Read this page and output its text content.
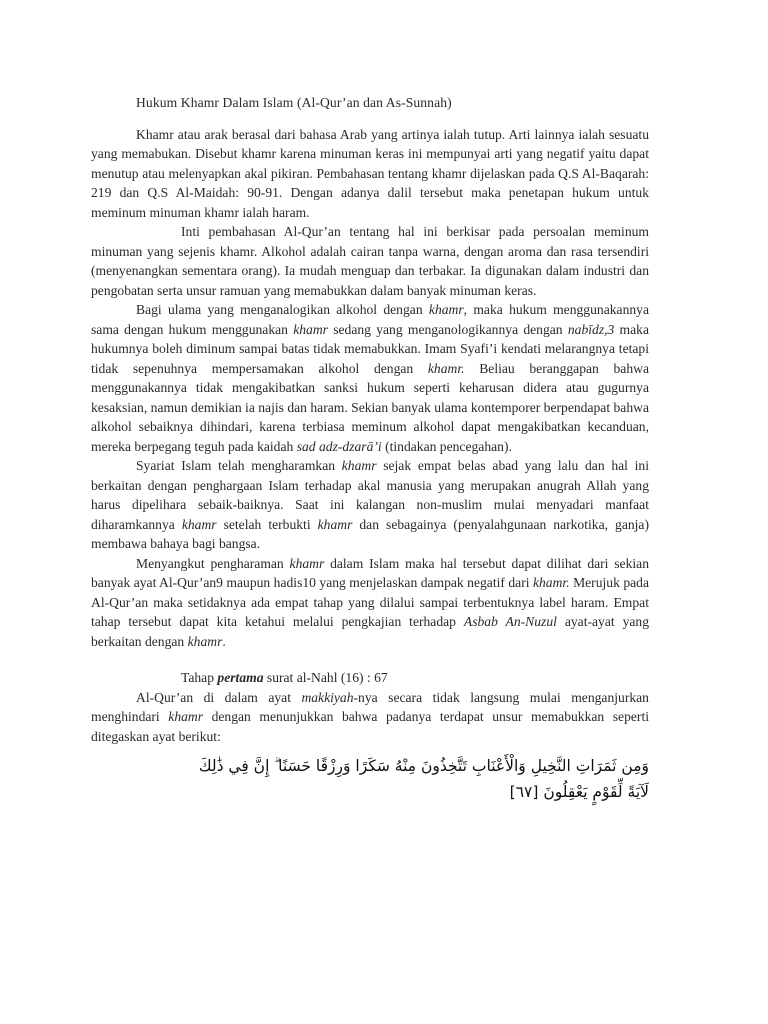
Hukum Khamr Dalam Islam (Al-Qur’an dan As-Sunnah)

Khamr atau arak berasal dari bahasa Arab yang artinya ialah tutup. Arti lainnya ialah sesuatu yang memabukan. Disebut khamr karena minuman keras ini mempunyai arti yang negatif yaitu dapat menutup atau melenyapkan akal pikiran. Pembahasan tentang khamr dijelaskan pada Q.S Al-Baqarah: 219 dan Q.S Al-Maidah: 90-91. Dengan adanya dalil tersebut maka penetapan hukum untuk meminum minuman khamr ialah haram.

Inti pembahasan Al-Qur’an tentang hal ini berkisar pada persoalan meminum minuman yang sejenis khamr. Alkohol adalah cairan tanpa warna, dengan aroma dan rasa tersendiri (menyenangkan sementara orang). Ia mudah menguap dan terbakar. Ia digunakan dalam industri dan pengobatan serta unsur ramuan yang memabukkan dalam banyak minuman keras.

Bagi ulama yang menganalogikan alkohol dengan khamr, maka hukum menggunakannya sama dengan hukum menggunakan khamr sedang yang menganologikannya dengan nabīdz,3 maka hukumnya boleh diminum sampai batas tidak memabukkan. Imam Syafi’i kendati melarangnya tetapi tidak sepenuhnya mempersamakan alkohol dengan khamr. Beliau beranggapan bahwa menggunakannya tidak mengakibatkan sanksi hukum seperti keharusan didera atau gugurnya kesaksian, namun demikian ia najis dan haram. Sekian banyak ulama kontemporer berpendapat bahwa alkohol sebaiknya dihindari, karena terbiasa meminum alkohol dapat mengakibatkan kecanduan, mereka berpegang teguh pada kaidah sad adz-dzarā’i (tindakan pencegahan).

Syariat Islam telah mengharamkan khamr sejak empat belas abad yang lalu dan hal ini berkaitan dengan penghargaan Islam terhadap akal manusia yang merupakan anugrah Allah yang harus dipelihara sebaik-baiknya. Saat ini kalangan non-muslim mulai menyadari manfaat diharamkannya khamr setelah terbukti khamr dan sebagainya (penyalahgunaan narkotika, ganja) membawa bahaya bagi bangsa.

Menyangkut pengharaman khamr dalam Islam maka hal tersebut dapat dilihat dari sekian banyak ayat Al-Qur’an9 maupun hadis10 yang menjelaskan dampak negatif dari khamr. Merujuk pada Al-Qur’an maka setidaknya ada empat tahap yang dilalui sampai terbentuknya label haram. Empat tahap tersebut dapat kita ketahui melalui pengkajian terhadap Asbab An-Nuzul ayat-ayat yang berkaitan dengan khamr.

Tahap pertama surat al-Nahl (16) : 67

Al-Qur’an di dalam ayat makkiyah-nya secara tidak langsung mulai menganjurkan menghindari khamr dengan menunjukkan bahwa padanya terdapat unsur memabukkan seperti ditegaskan ayat berikut:

وَمِن ثَمَرَاتِ النَّخِيلِ وَالْأَعْنَابِ تَتَّخِذُونَ مِنْهُ سَكَرًا وَرِزْقًا حَسَنًا ۗ إِنَّ فِي ذَٰلِكَ
لَآيَةً لِّقَوْمٍ يَعْقِلُونَ [٦٧]
